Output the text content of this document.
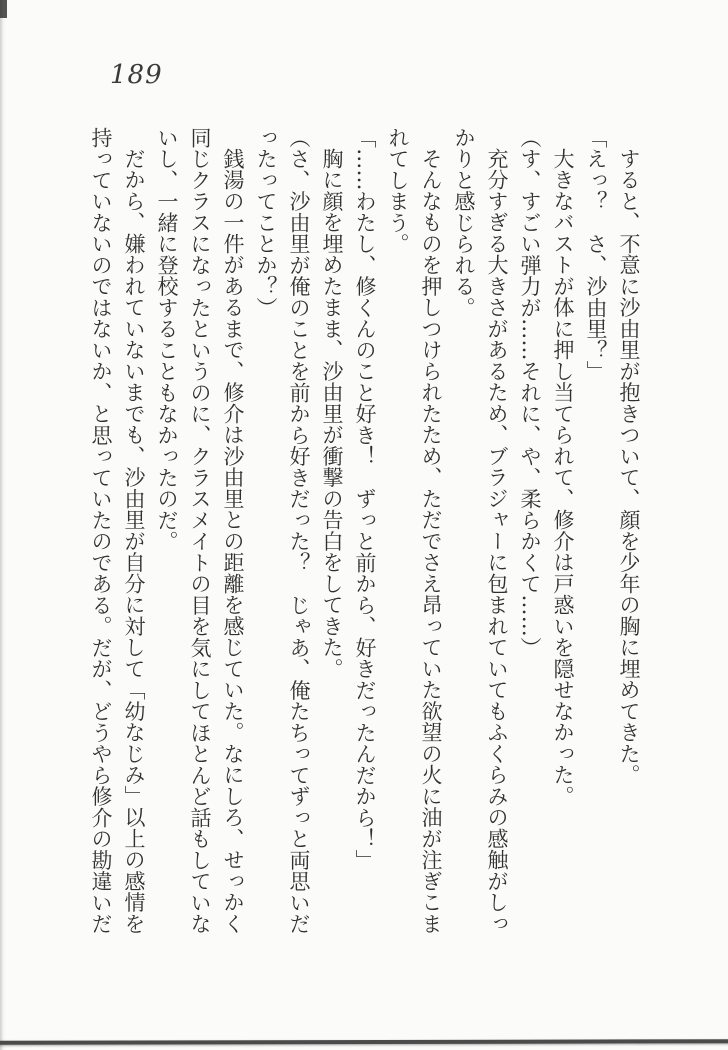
189
すると、不意に沙由里が抱きついて、顔を少年の胸に埋めてきた。
「えっ？　さ、沙由里？」
大きなバストが体に押し当てられて、修介は戸惑いを隠せなかった。
（す、すごい弾力が……それに、や、柔らかくて……）
充分すぎる大きさがあるため、ブラジャーに包まれていてもふくらみの感触がしっ
かりと感じられる。
そんなものを押しつけられたため、ただでさえ昂っていた欲望の火に油が注ぎこま
れてしまう。
「……わたし、修くんのこと好き！　ずっと前から、好きだったんだから！」
胸に顔を埋めたまま、沙由里が衝撃の告白をしてきた。
（さ、沙由里が俺のことを前から好きだった？　じゃあ、俺たちってずっと両思いだ
ったってことか？）
銭湯の一件があるまで、修介は沙由里との距離を感じていた。なにしろ、せっかく
同じクラスになったというのに、クラスメイトの目を気にしてほとんど話もしていな
いし、一緒に登校することもなかったのだ。
だから、嫌われていないまでも、沙由里が自分に対して「幼なじみ」以上の感情を
持っていないのではないか、と思っていたのである。だが、どうやら修介の勘違いだ
